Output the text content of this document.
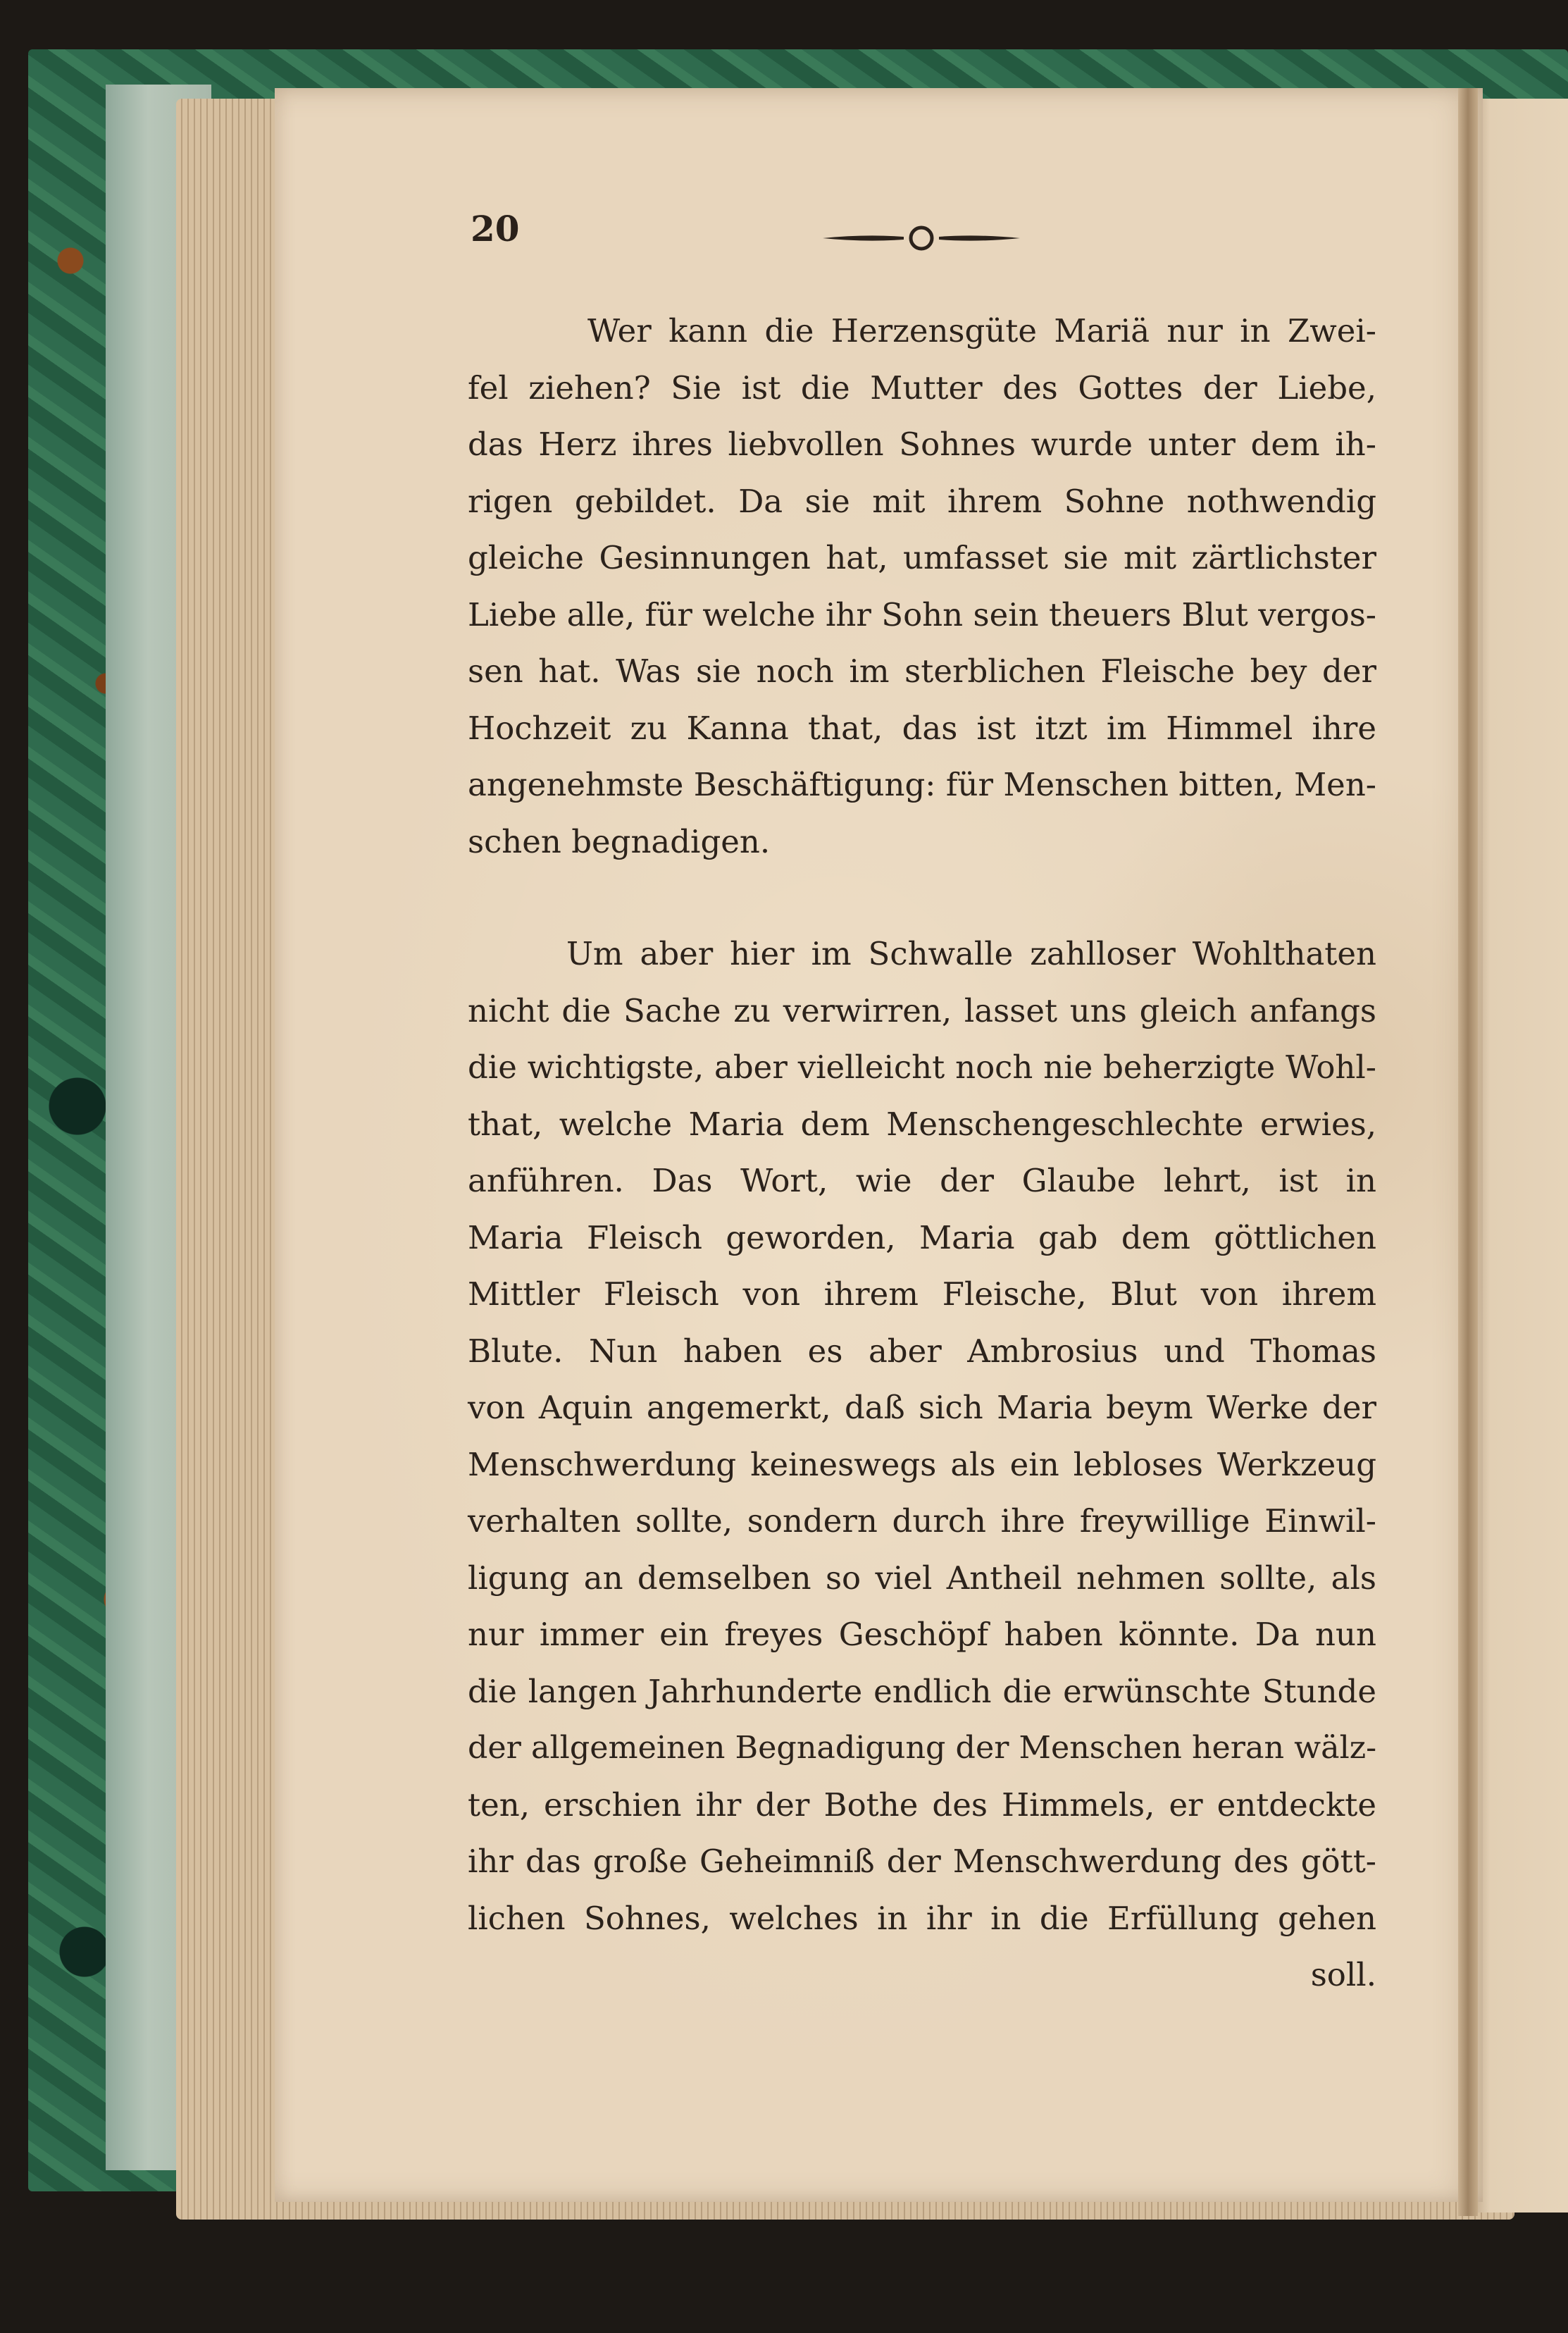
20
Wer kann die Herzensgüte Mariä nur in Zwei-
fel ziehen? Sie ist die Mutter des Gottes der Liebe,
das Herz ihres liebvollen Sohnes wurde unter dem ih-
rigen gebildet. Da sie mit ihrem Sohne nothwendig
gleiche Gesinnungen hat, umfasset sie mit zärtlichster
Liebe alle, für welche ihr Sohn sein theuers Blut vergos-
sen hat. Was sie noch im sterblichen Fleische bey der
Hochzeit zu Kanna that, das ist itzt im Himmel ihre
angenehmste Beschäftigung: für Menschen bitten, Men-
schen begnadigen.
Um aber hier im Schwalle zahlloser Wohlthaten
nicht die Sache zu verwirren, lasset uns gleich anfangs
die wichtigste, aber vielleicht noch nie beherzigte Wohl-
that, welche Maria dem Menschengeschlechte erwies,
anführen. Das Wort, wie der Glaube lehrt, ist in
Maria Fleisch geworden, Maria gab dem göttlichen
Mittler Fleisch von ihrem Fleische, Blut von ihrem
Blute. Nun haben es aber Ambrosius und Thomas
von Aquin angemerkt, daß sich Maria beym Werke der
Menschwerdung keineswegs als ein lebloses Werkzeug
verhalten sollte, sondern durch ihre freywillige Einwil-
ligung an demselben so viel Antheil nehmen sollte, als
nur immer ein freyes Geschöpf haben könnte. Da nun
die langen Jahrhunderte endlich die erwünschte Stunde
der allgemeinen Begnadigung der Menschen heran wälz-
ten, erschien ihr der Bothe des Himmels, er entdeckte
ihr das große Geheimniß der Menschwerdung des gött-
lichen Sohnes, welches in ihr in die Erfüllung gehen
soll.
